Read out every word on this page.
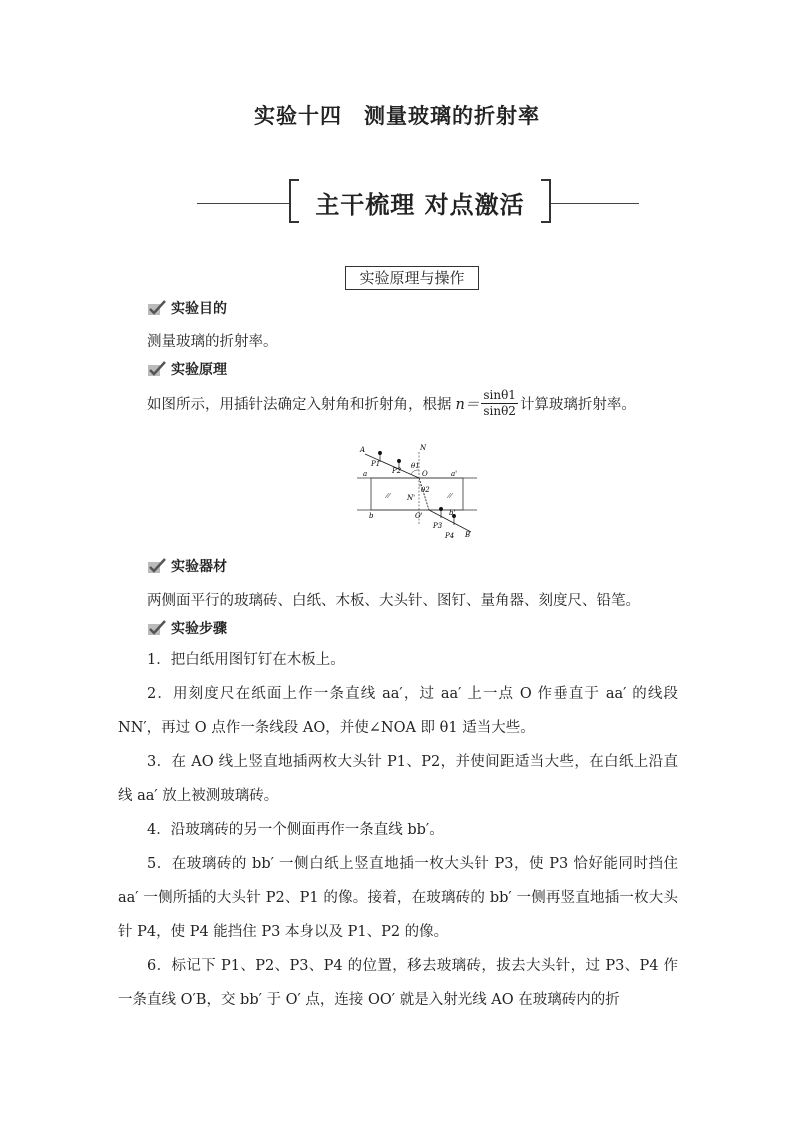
实验十四　测量玻璃的折射率
主干梳理 对点激活
实验原理与操作
实验目的
测量玻璃的折射率。
实验原理
如图所示，用插针法确定入射角和折射角，根据 $n= \frac{\sin\theta 1}{\sin\theta 2}$ 计算玻璃折射率。
A	N
P1
P2
θ1
O
a	a'
θ2
N'
b	O'	b'
P3
P4 B
实验器材
两侧面平行的玻璃砖、白纸、木板、大头针、图钉、量角器、刻度尺、铅笔。
实验步骤
1．把白纸用图钉钉在木板上。
2．用刻度尺在纸面上作一条直线 aa′，过 aa′ 上一点 O 作垂直于 aa′ 的线段 NN′，再过 O 点作一条线段 AO，并使∠NOA 即 θ1 适当大些。
3．在 AO 线上竖直地插两枚大头针 P1、P2，并使间距适当大些，在白纸上沿直线 aa′ 放上被测玻璃砖。
4．沿玻璃砖的另一个侧面再作一条直线 bb′。
5．在玻璃砖的 bb′ 一侧白纸上竖直地插一枚大头针 P3，使 P3 恰好能同时挡住 aa′ 一侧所插的大头针 P2、P1 的像。接着，在玻璃砖的 bb′ 一侧再竖直地插一枚大头针 P4，使 P4 能挡住 P3 本身以及 P1、P2 的像。
6．标记下 P1、P2、P3、P4 的位置，移去玻璃砖，拔去大头针，过 P3、P4 作一条直线 O′B，交 bb′ 于 O′ 点，连接 OO′ 就是入射光线 AO 在玻璃砖内的折
